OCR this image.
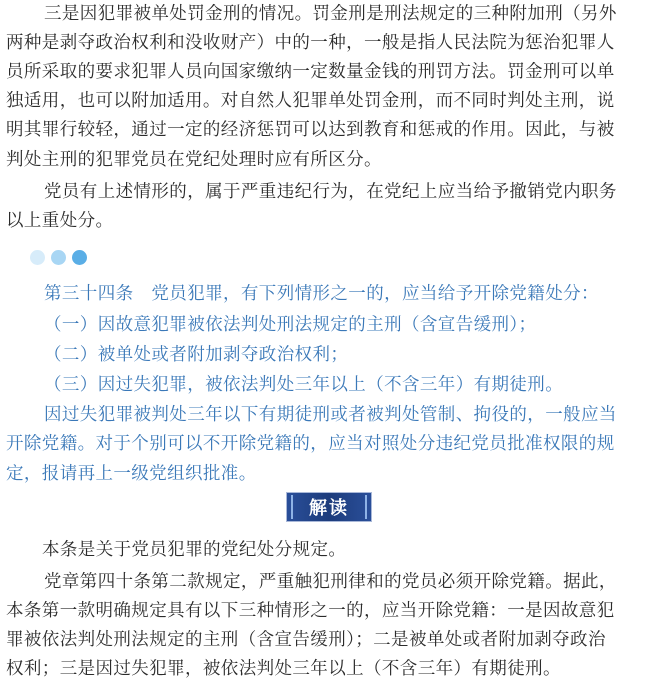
三是因犯罪被单处罚金刑的情况。罚金刑是刑法规定的三种附加刑（另外

两种是剥夺政治权利和没收财产）中的一种，一般是指人民法院为惩治犯罪人

员所采取的要求犯罪人员向国家缴纳一定数量金钱的刑罚方法。罚金刑可以单

独适用，也可以附加适用。对自然人犯罪单处罚金刑，而不同时判处主刑，说

明其罪行较轻，通过一定的经济惩罚可以达到教育和惩戒的作用。因此，与被

判处主刑的犯罪党员在党纪处理时应有所区分。

党员有上述情形的，属于严重违纪行为，在党纪上应当给予撤销党内职务

以上重处分。

第三十四条　党员犯罪，有下列情形之一的，应当给予开除党籍处分：

（一）因故意犯罪被依法判处刑法规定的主刑（含宣告缓刑）；

（二）被单处或者附加剥夺政治权利；

（三）因过失犯罪，被依法判处三年以上（不含三年）有期徒刑。

因过失犯罪被判处三年以下有期徒刑或者被判处管制、拘役的，一般应当

开除党籍。对于个别可以不开除党籍的，应当对照处分违纪党员批准权限的规

定，报请再上一级党组织批准。

解读

本条是关于党员犯罪的党纪处分规定。

党章第四十条第二款规定，严重触犯刑律和的党员必须开除党籍。据此，

本条第一款明确规定具有以下三种情形之一的，应当开除党籍：一是因故意犯

罪被依法判处刑法规定的主刑（含宣告缓刑）；二是被单处或者附加剥夺政治

权利；三是因过失犯罪，被依法判处三年以上（不含三年）有期徒刑。
